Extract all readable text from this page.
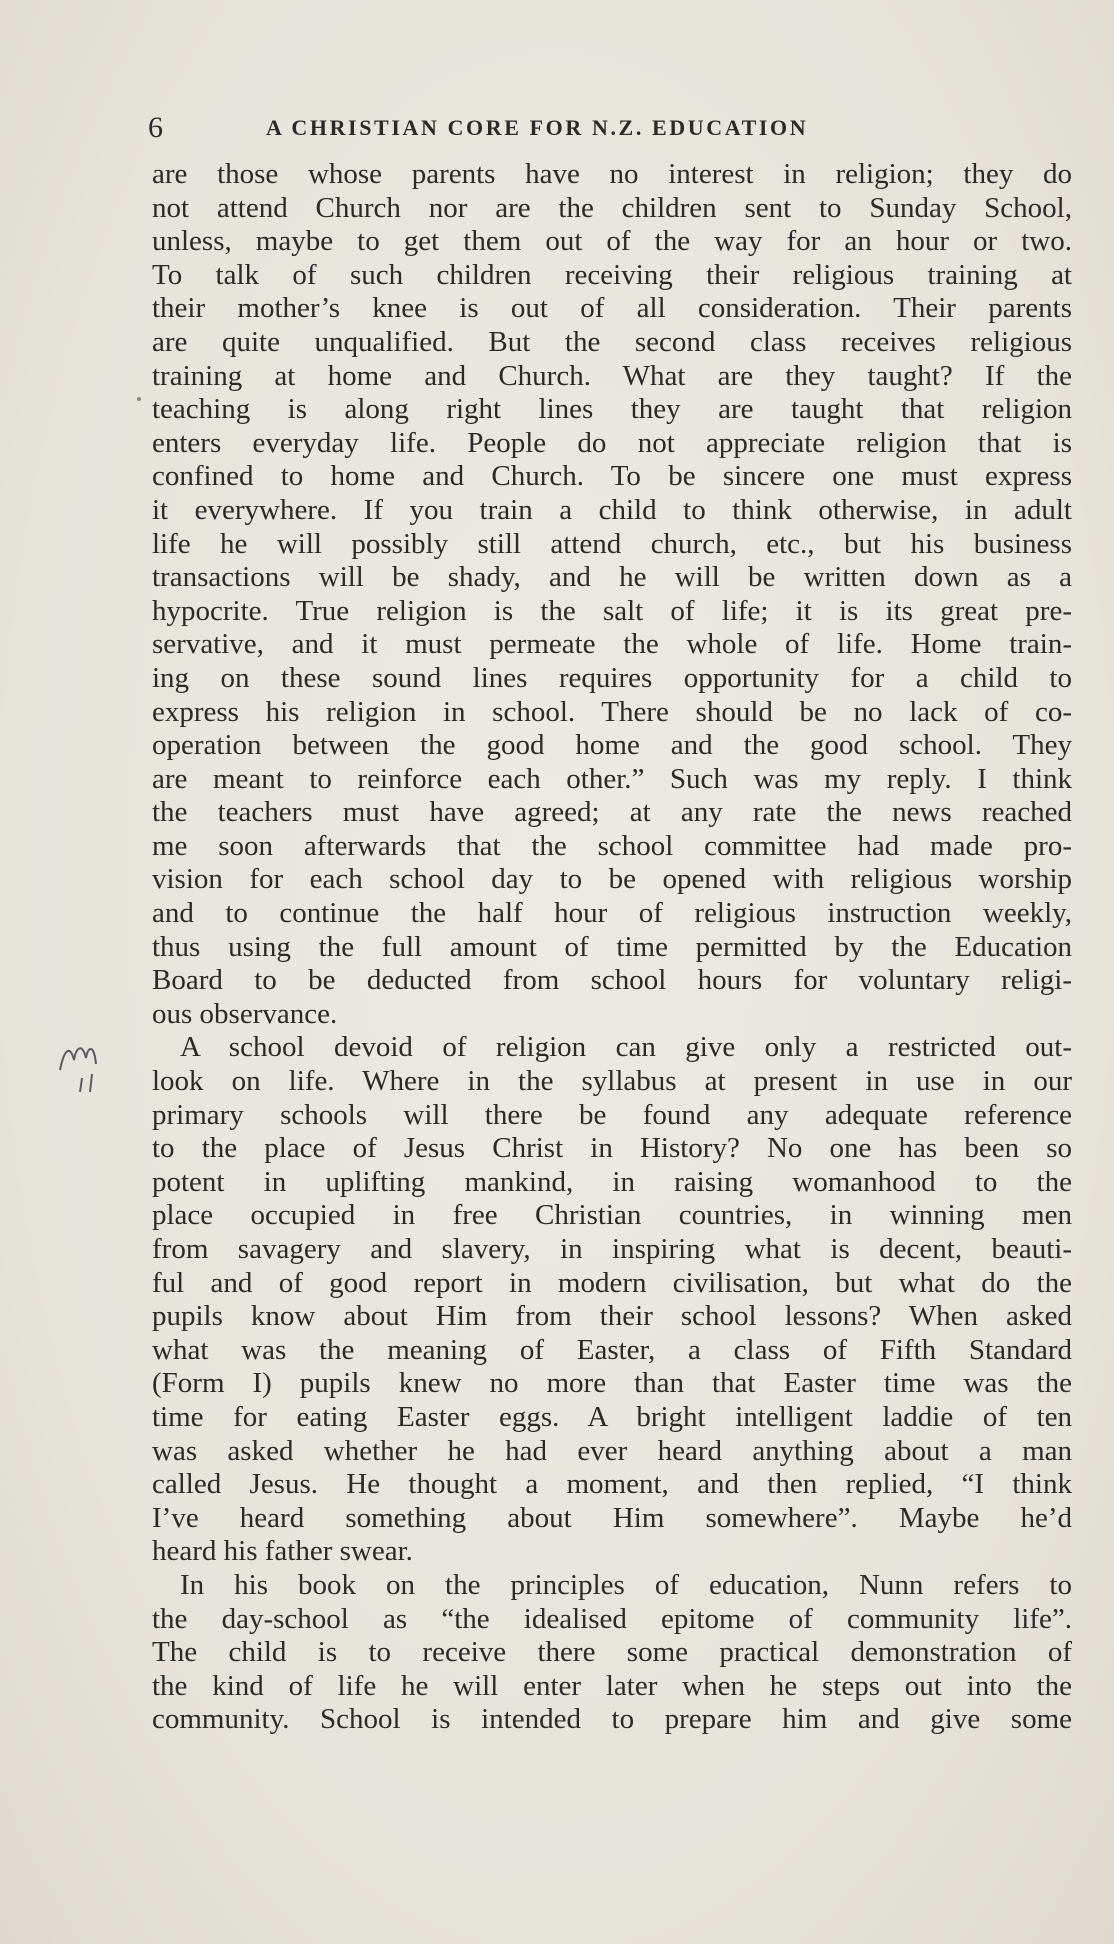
6	A CHRISTIAN CORE FOR N.Z. EDUCATION
are those whose parents have no interest in religion; they do
not attend Church nor are the children sent to Sunday School,
unless, maybe to get them out of the way for an hour or two.
To talk of such children receiving their religious training at
their mother’s knee is out of all consideration. Their parents
are quite unqualified. But the second class receives religious
training at home and Church. What are they taught? If the
teaching is along right lines they are taught that religion
enters everyday life. People do not appreciate religion that is
confined to home and Church. To be sincere one must express
it everywhere. If you train a child to think otherwise, in adult
life he will possibly still attend church, etc., but his business
transactions will be shady, and he will be written down as a
hypocrite. True religion is the salt of life; it is its great pre-
servative, and it must permeate the whole of life. Home train-
ing on these sound lines requires opportunity for a child to
express his religion in school. There should be no lack of co-
operation between the good home and the good school. They
are meant to reinforce each other.” Such was my reply. I think
the teachers must have agreed; at any rate the news reached
me soon afterwards that the school committee had made pro-
vision for each school day to be opened with religious worship
and to continue the half hour of religious instruction weekly,
thus using the full amount of time permitted by the Education
Board to be deducted from school hours for voluntary religi-
ous observance.
A school devoid of religion can give only a restricted out-
look on life. Where in the syllabus at present in use in our
primary schools will there be found any adequate reference
to the place of Jesus Christ in History? No one has been so
potent in uplifting mankind, in raising womanhood to the
place occupied in free Christian countries, in winning men
from savagery and slavery, in inspiring what is decent, beauti-
ful and of good report in modern civilisation, but what do the
pupils know about Him from their school lessons? When asked
what was the meaning of Easter, a class of Fifth Standard
(Form I) pupils knew no more than that Easter time was the
time for eating Easter eggs. A bright intelligent laddie of ten
was asked whether he had ever heard anything about a man
called Jesus. He thought a moment, and then replied, “I think
I’ve heard something about Him somewhere”. Maybe he’d
heard his father swear.
In his book on the principles of education, Nunn refers to
the day-school as “the idealised epitome of community life”.
The child is to receive there some practical demonstration of
the kind of life he will enter later when he steps out into the
community. School is intended to prepare him and give some
